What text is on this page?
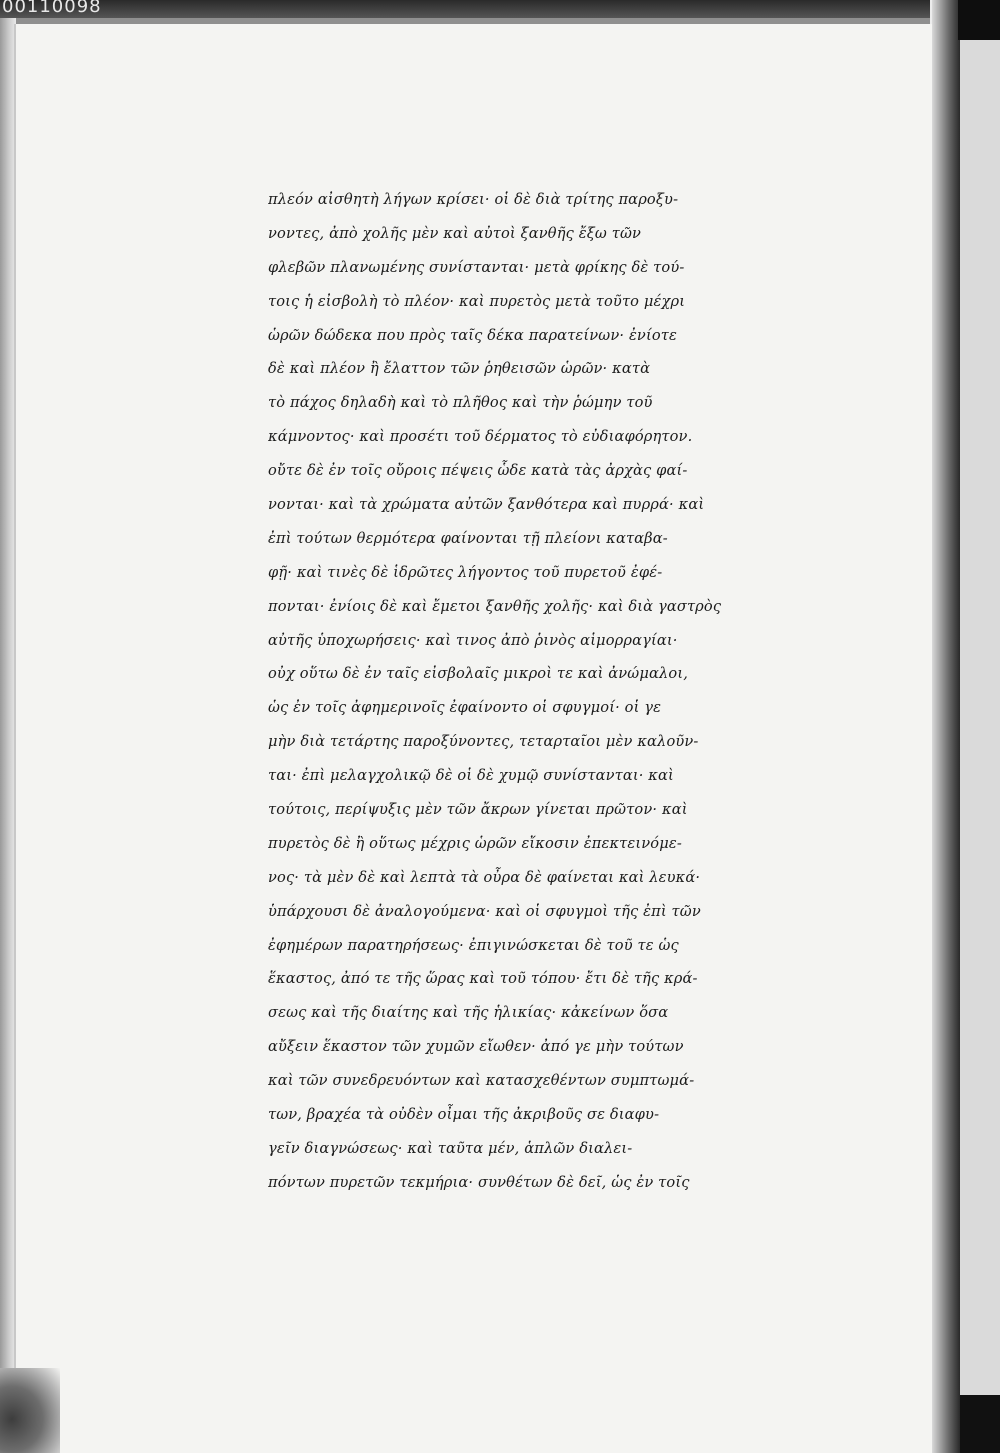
00110098
πλεόν αἰσθητὴ λήγων κρίσει· οἱ δὲ διὰ τρίτης παροξυ-
νοντες, ἀπὸ χολῆς μὲν καὶ αὐτοὶ ξανθῆς ἔξω τῶν
φλεβῶν πλανωμένης συνίστανται· μετὰ φρίκης δὲ τού-
τοις ἡ εἰσβολὴ τὸ πλέον· καὶ πυρετὸς μετὰ τοῦτο μέχρι
ὡρῶν δώδεκα που πρὸς ταῖς δέκα παρατείνων· ἐνίοτε
δὲ καὶ πλέον ἢ ἔλαττον τῶν ῥηθεισῶν ὡρῶν· κατὰ
τὸ πάχος δηλαδὴ καὶ τὸ πλῆθος καὶ τὴν ῥώμην τοῦ
κάμνοντος· καὶ προσέτι τοῦ δέρματος τὸ εὐδιαφόρητον.
οὔτε δὲ ἐν τοῖς οὔροις πέψεις ὧδε κατὰ τὰς ἀρχὰς φαί-
νονται· καὶ τὰ χρώματα αὐτῶν ξανθότερα καὶ πυρρά· καὶ
ἐπὶ τούτων θερμότερα φαίνονται τῇ πλείονι καταβα-
φῇ· καὶ τινὲς δὲ ἱδρῶτες λήγοντος τοῦ πυρετοῦ ἐφέ-
πονται· ἐνίοις δὲ καὶ ἔμετοι ξανθῆς χολῆς· καὶ διὰ γαστρὸς
αὐτῆς ὑποχωρήσεις· καὶ τινος ἀπὸ ῥινὸς αἱμορραγίαι·
οὐχ οὕτω δὲ ἐν ταῖς εἰσβολαῖς μικροὶ τε καὶ ἀνώμαλοι,
ὡς ἐν τοῖς ἀφημερινοῖς ἐφαίνοντο οἱ σφυγμοί· οἱ γε
μὴν διὰ τετάρτης παροξύνοντες, τεταρταῖοι μὲν καλοῦν-
ται· ἐπὶ μελαγχολικῷ δὲ οἱ δὲ χυμῷ συνίστανται· καὶ
τούτοις, περίψυξις μὲν τῶν ἄκρων γίνεται πρῶτον· καὶ
πυρετὸς δὲ ἢ οὕτως μέχρις ὡρῶν εἴκοσιν ἐπεκτεινόμε-
νος· τὰ μὲν δὲ καὶ λεπτὰ τὰ οὖρα δὲ φαίνεται καὶ λευκά·
ὑπάρχουσι δὲ ἀναλογούμενα· καὶ οἱ σφυγμοὶ τῆς ἐπὶ τῶν
ἐφημέρων παρατηρήσεως· ἐπιγινώσκεται δὲ τοῦ τε ὡς
ἕκαστος, ἀπό τε τῆς ὥρας καὶ τοῦ τόπου· ἔτι δὲ τῆς κρά-
σεως καὶ τῆς διαίτης καὶ τῆς ἡλικίας· κἀκείνων ὅσα
αὔξειν ἕκαστον τῶν χυμῶν εἴωθεν· ἀπό γε μὴν τούτων
καὶ τῶν συνεδρευόντων καὶ κατασχεθέντων συμπτωμά-
των, βραχέα τὰ οὐδὲν οἶμαι τῆς ἀκριβοῦς σε διαφυ-
γεῖν διαγνώσεως· καὶ ταῦτα μέν, ἁπλῶν διαλει-
πόντων πυρετῶν τεκμήρια· συνθέτων δὲ δεῖ, ὡς ἐν τοῖς
